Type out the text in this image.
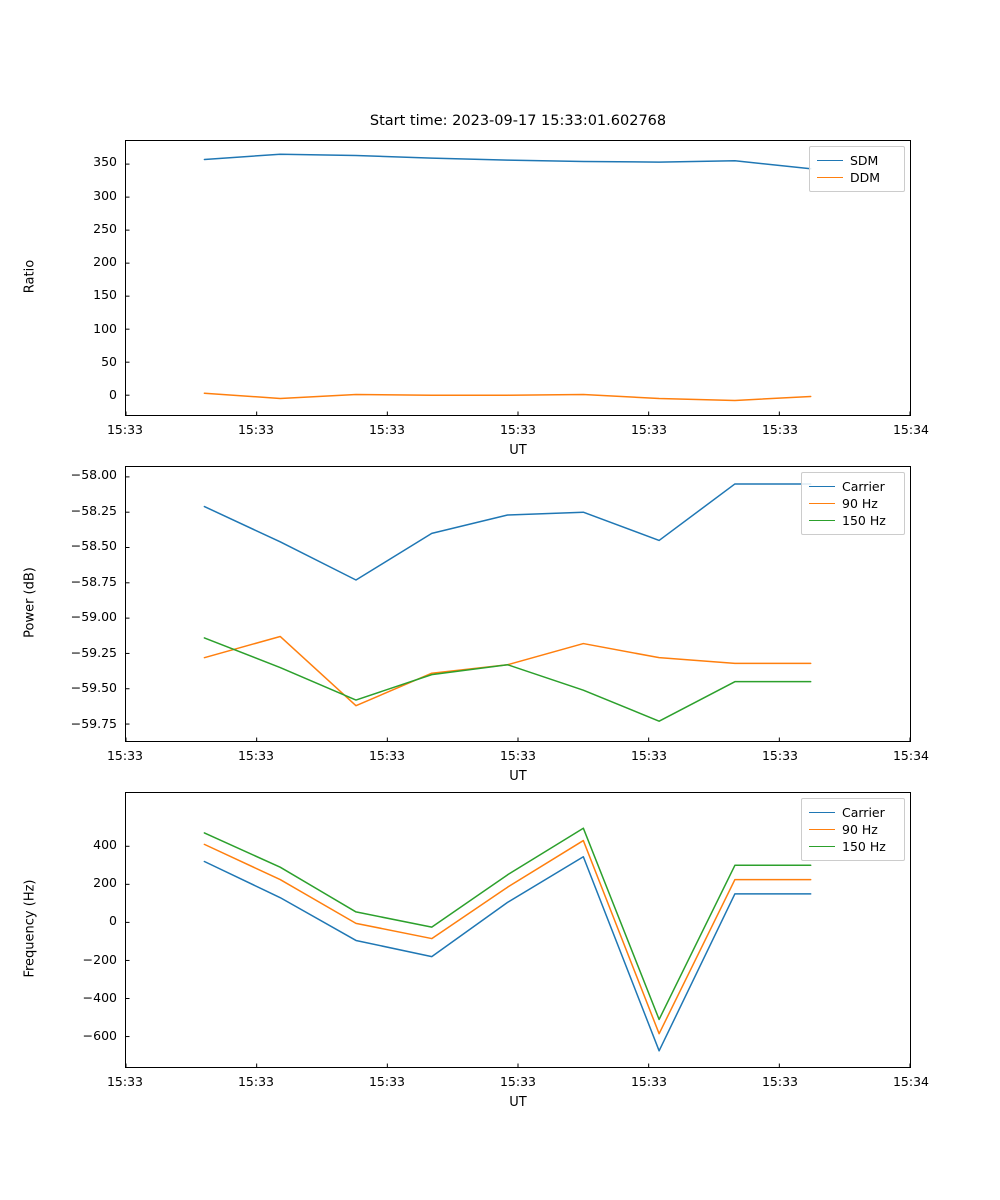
Start time: 2023-09-17 15:33:01.602768
15:33	15:33	15:33	15:33	15:33	15:33	15:34
0
50
100
150
200
250
300
350
UT
Ratio
SDM
DDM
15:33	15:33	15:33	15:33	15:33	15:33	15:34
−59.75
−59.50
−59.25
−59.00
−58.75
−58.50
−58.25
−58.00
UT
Power (dB)
Carrier
90 Hz
150 Hz
15:33	15:33	15:33	15:33	15:33	15:33	15:34
−600
−400
−200
0
200
400
UT
Frequency (Hz)
Carrier
90 Hz
150 Hz
